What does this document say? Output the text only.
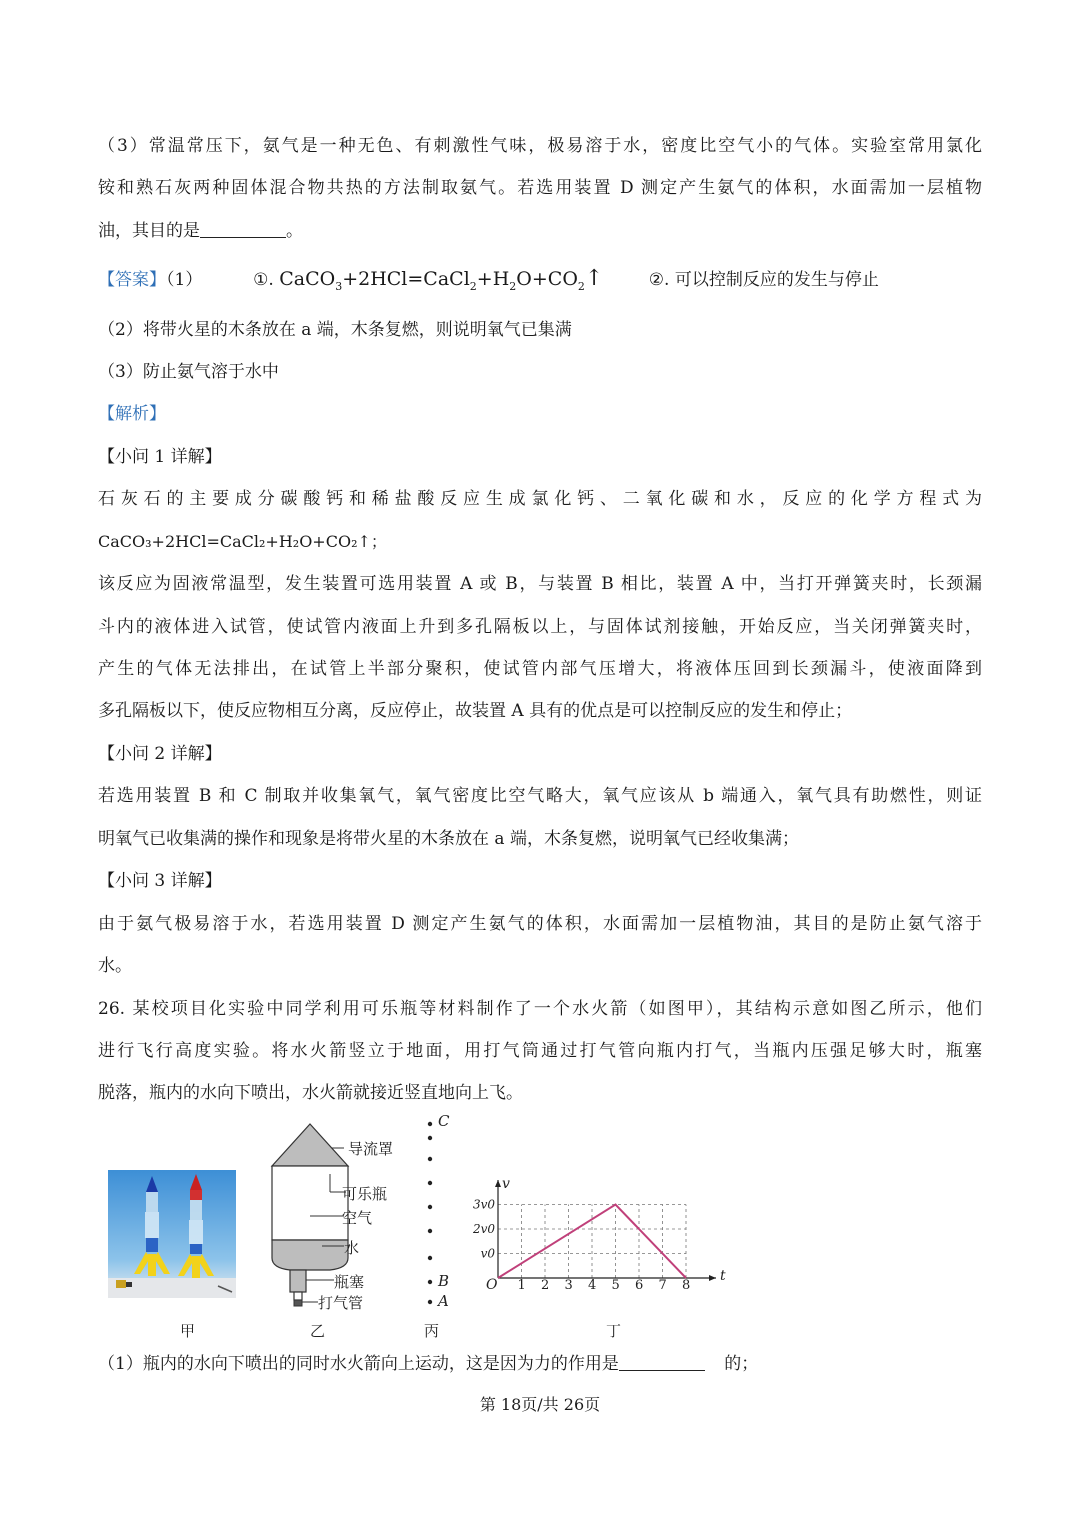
（3）常温常压下，氨气是一种无色、有刺激性气味，极易溶于水，密度比空气小的气体。实验室常用氯化
铵和熟石灰两种固体混合物共热的方法制取氨气。若选用装置 D 测定产生氨气的体积，水面需加一层植物
油，其目的是	。
【答案】（1）	①. $CaCO_3+2HCl=CaCl_2+H_2O+CO_2↑$	②. 可以控制反应的发生与停止
（2）将带火星的木条放在 a 端，木条复燃，则说明氧气已集满
（3）防止氨气溶于水中
【解析】
【小问 1 详解】
石灰石的主要成分碳酸钙和稀盐酸反应生成氯化钙、二氧化碳和水，反应的化学方程式为
CaCO₃+2HCl=CaCl₂+H₂O+CO₂↑；
该反应为固液常温型，发生装置可选用装置 A 或 B，与装置 B 相比，装置 A 中，当打开弹簧夹时，长颈漏
斗内的液体进入试管，使试管内液面上升到多孔隔板以上，与固体试剂接触，开始反应，当关闭弹簧夹时，
产生的气体无法排出，在试管上半部分聚积，使试管内部气压增大，将液体压回到长颈漏斗，使液面降到
多孔隔板以下，使反应物相互分离，反应停止，故装置 A 具有的优点是可以控制反应的发生和停止；
【小问 2 详解】
若选用装置 B 和 C 制取并收集氧气，氧气密度比空气略大，氧气应该从 b 端通入，氧气具有助燃性，则证
明氧气已收集满的操作和现象是将带火星的木条放在 a 端，木条复燃，说明氧气已经收集满；
【小问 3 详解】
由于氨气极易溶于水，若选用装置 D 测定产生氨气的体积，水面需加一层植物油，其目的是防止氨气溶于
水。
26. 某校项目化实验中同学利用可乐瓶等材料制作了一个水火箭（如图甲），其结构示意如图乙所示，他们
进行飞行高度实验。将水火箭竖立于地面，用打气筒通过打气管向瓶内打气，当瓶内压强足够大时，瓶塞
脱落，瓶内的水向下喷出，水火箭就接近竖直地向上飞。
导流罩
可乐瓶
空气
水
瓶塞
打气管
C
B
A
t
v
O 1 2 3 4 5 6 7 8
v0
2v0
3v0
甲	乙	丙	丁
（1）瓶内的水向下喷出的同时水火箭向上运动，这是因为力的作用是	的；
第 18页/共 26页
